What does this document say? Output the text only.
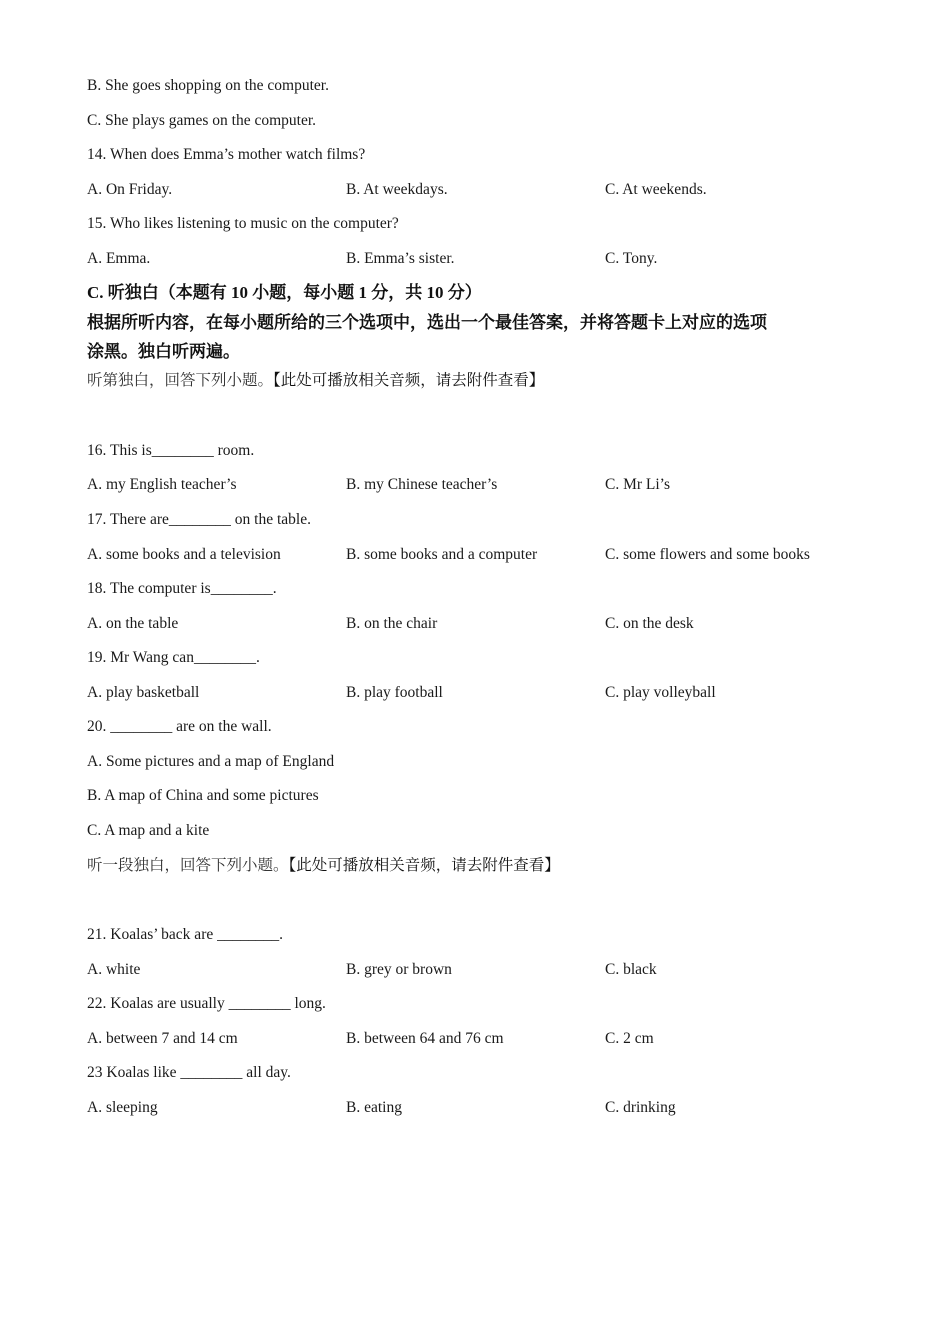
B. She goes shopping on the computer.
C. She plays games on the computer.
14. When does Emma’s mother watch films?
A. On Friday.	B. At weekdays.	C. At weekends.
15. Who likes listening to music on the computer?
A. Emma.	B. Emma’s sister.	C. Tony.
C. 听独白（本题有 10 小题，每小题 1 分，共 10 分）
根据所听内容，在每小题所给的三个选项中，选出一个最佳答案，并将答题卡上对应的选项
涂黑。独白听两遍。
听第独白，回答下列小题。【此处可播放相关音频，请去附件查看】
16. This is________ room.
A. my English teacher’s	B. my Chinese teacher’s	C. Mr Li’s
17. There are________ on the table.
A. some books and a television	B. some books and a computer	C. some flowers and some books
18. The computer is________.
A. on the table	B. on the chair	C. on the desk
19. Mr Wang can________.
A. play basketball	B. play football	C. play volleyball
20. ________ are on the wall.
A. Some pictures and a map of England
B. A map of China and some pictures
C. A map and a kite
听一段独白，回答下列小题。【此处可播放相关音频，请去附件查看】
21. Koalas’ back are ________.
A. white	B. grey or brown	C. black
22. Koalas are usually ________ long.
A. between 7 and 14 cm	B. between 64 and 76 cm	C. 2 cm
23 Koalas like ________ all day.
A. sleeping	B. eating	C. drinking
